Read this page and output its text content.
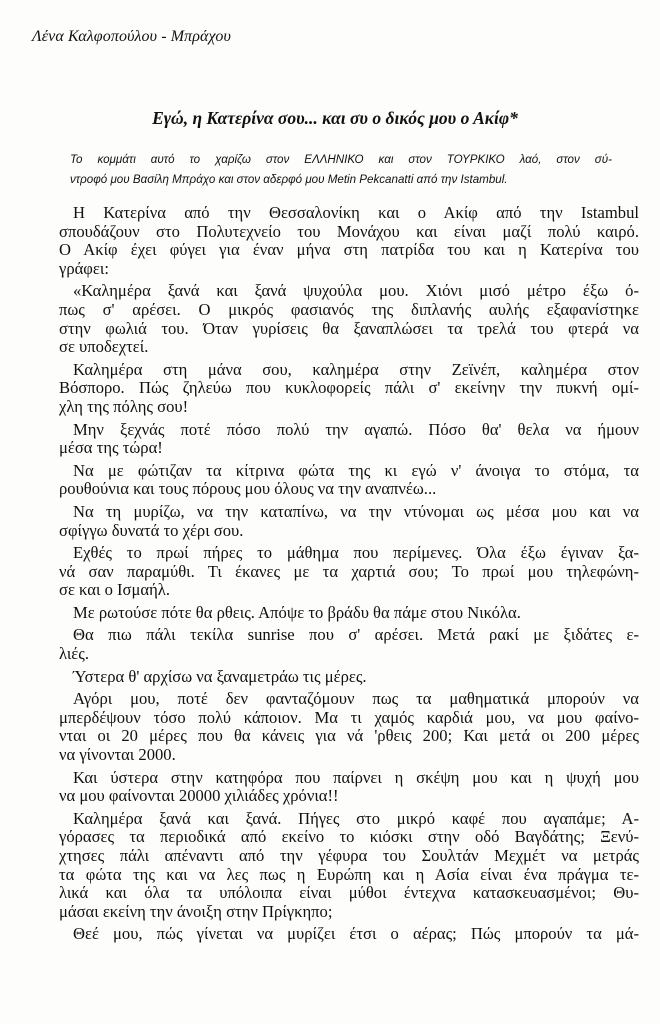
Λένα Καλφοπούλου - Μπράχου
Εγώ, η Κατερίνα σου... και συ ο δικός μου ο Ακίφ*
Το κομμάτι αυτό το χαρίζω στον ΕΛΛΗΝΙΚΟ και στον ΤΟΥΡΚΙΚΟ λαό, στον σύ-
ντροφό μου Βασίλη Μπράχο και στον αδερφό μου Metin Pekcanatti από την Istambul.
Η Κατερίνα από την Θεσσαλονίκη και ο Ακίφ από την Istambul
σπουδάζουν στο Πολυτεχνείο του Μονάχου και είναι μαζί πολύ καιρό.
Ο Ακίφ έχει φύγει για έναν μήνα στη πατρίδα του και η Κατερίνα του
γράφει:
«Καλημέρα ξανά και ξανά ψυχούλα μου. Χιόνι μισό μέτρο έξω ό-
πως σ' αρέσει. Ο μικρός φασιανός της διπλανής αυλής εξαφανίστηκε
στην φωλιά του. Όταν γυρίσεις θα ξαναπλώσει τα τρελά του φτερά να
σε υποδεχτεί.
Καλημέρα στη μάνα σου, καλημέρα στην Ζεϊνέπ, καλημέρα στον
Βόσπορο. Πώς ζηλεύω που κυκλοφορείς πάλι σ' εκείνην την πυκνή ομί-
χλη της πόλης σου!
Μην ξεχνάς ποτέ πόσο πολύ την αγαπώ. Πόσο θα' θελα να ήμουν
μέσα της τώρα!
Να με φώτιζαν τα κίτρινα φώτα της κι εγώ ν' άνοιγα το στόμα, τα
ρουθούνια και τους πόρους μου όλους να την αναπνέω...
Να τη μυρίζω, να την καταπίνω, να την ντύνομαι ως μέσα μου και να
σφίγγω δυνατά το χέρι σου.
Εχθές το πρωί πήρες το μάθημα που περίμενες. Όλα έξω έγιναν ξα-
νά σαν παραμύθι. Τι έκανες με τα χαρτιά σου; Το πρωί μου τηλεφώνη-
σε και ο Ισμαήλ.
Με ρωτούσε πότε θα ρθεις. Απόψε το βράδυ θα πάμε στου Νικόλα.
Θα πιω πάλι τεκίλα sunrise που σ' αρέσει. Μετά ρακί με ξιδάτες ε-
λιές.
Ύστερα θ' αρχίσω να ξαναμετράω τις μέρες.
Αγόρι μου, ποτέ δεν φανταζόμουν πως τα μαθηματικά μπορούν να
μπερδέψουν τόσο πολύ κάποιον. Μα τι χαμός καρδιά μου, να μου φαίνο-
νται οι 20 μέρες που θα κάνεις για νά 'ρθεις 200; Και μετά οι 200 μέρες
να γίνονται 2000.
Και ύστερα στην κατηφόρα που παίρνει η σκέψη μου και η ψυχή μου
να μου φαίνονται 20000 χιλιάδες χρόνια!!
Καλημέρα ξανά και ξανά. Πήγες στο μικρό καφέ που αγαπάμε; Α-
γόρασες τα περιοδικά από εκείνο το κιόσκι στην οδό Βαγδάτης; Ξενύ-
χτησες πάλι απέναντι από την γέφυρα του Σουλτάν Μεχμέτ να μετράς
τα φώτα της και να λες πως η Ευρώπη και η Ασία είναι ένα πράγμα τε-
λικά και όλα τα υπόλοιπα είναι μύθοι έντεχνα κατασκευασμένοι; Θυ-
μάσαι εκείνη την άνοιξη στην Πρίγκηπο;
Θεέ μου, πώς γίνεται να μυρίζει έτσι ο αέρας; Πώς μπορούν τα μά-
